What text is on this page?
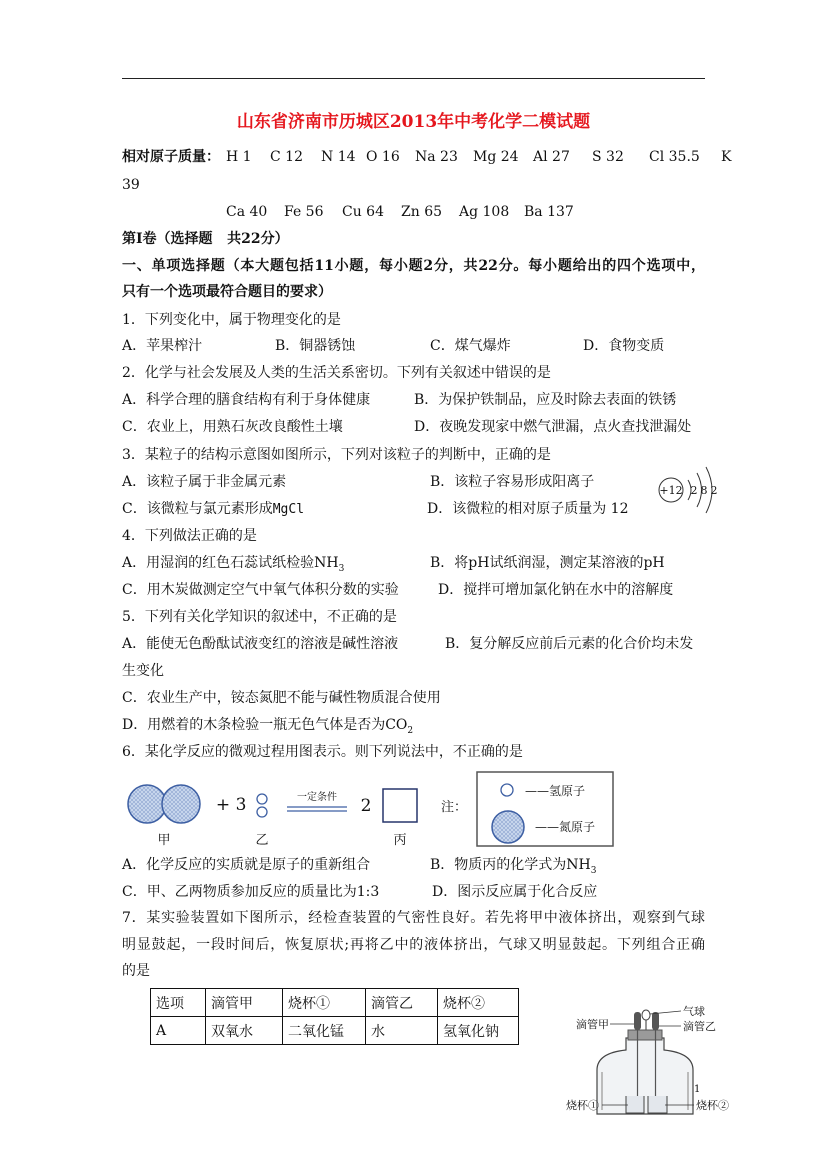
山东省济南市历城区2013年中考化学二模试题
相对原子质量： H 1 C 12 N 14 O 16 Na 23 Mg 24 Al 27 S 32 Cl 35.5 K
39
Ca 40 Fe 56 Cu 64 Zn 65 Ag 108 Ba 137
第Ⅰ卷（选择题   共22分）
一、单项选择题（本大题包括11小题，每小题2分，共22分。每小题给出的四个选项中，
只有一个选项最符合题目的要求）
1．下列变化中，属于物理变化的是
A．苹果榨汁	B．铜器锈蚀	C．煤气爆炸	D．食物变质
2．化学与社会发展及人类的生活关系密切。下列有关叙述中错误的是
A．科学合理的膳食结构有利于身体健康	B．为保护铁制品，应及时除去表面的铁锈
C．农业上，用熟石灰改良酸性土壤	D．夜晚发现家中燃气泄漏，点火查找泄漏处
3．某粒子的结构示意图如图所示，下列对该粒子的判断中，正确的是
A．该粒子属于非金属元素	B．该粒子容易形成阳离子
C．该微粒与氯元素形成MgCl	D．该微粒的相对原子质量为 12
+12 2 8 2
4．下列做法正确的是
A．用湿润的红色石蕊试纸检验$NH_3$	B．将pH试纸润湿，测定某溶液的pH
C．用木炭做测定空气中氧气体积分数的实验	D．搅拌可增加氯化钠在水中的溶解度
5．下列有关化学知识的叙述中，不正确的是
A．能使无色酚酞试液变红的溶液是碱性溶液	B．复分解反应前后元素的化合价均未发
生变化
C．农业生产中，铵态氮肥不能与碱性物质混合使用
D．用燃着的木条检验一瓶无色气体是否为$CO_2$
6．某化学反应的微观过程用图表示。则下列说法中，不正确的是
甲
+ 3
乙
一定条件 2
丙
注：
——氢原子
——氮原子
A．化学反应的实质就是原子的重新组合	B．物质丙的化学式为$NH_3$
C．甲、乙两物质参加反应的质量比为1:3	D．图示反应属于化合反应
7．某实验装置如下图所示，经检查装置的气密性良好。若先将甲中液体挤出，观察到气球
明显鼓起，一段时间后，恢复原状;再将乙中的液体挤出，气球又明显鼓起。下列组合正确
的是
选项	滴管甲	烧杯①	滴管乙	烧杯②
A	双氧水	二氧化锰	水	氢氧化钠
气球
滴管甲	滴管乙
烧杯①	烧杯②
1
